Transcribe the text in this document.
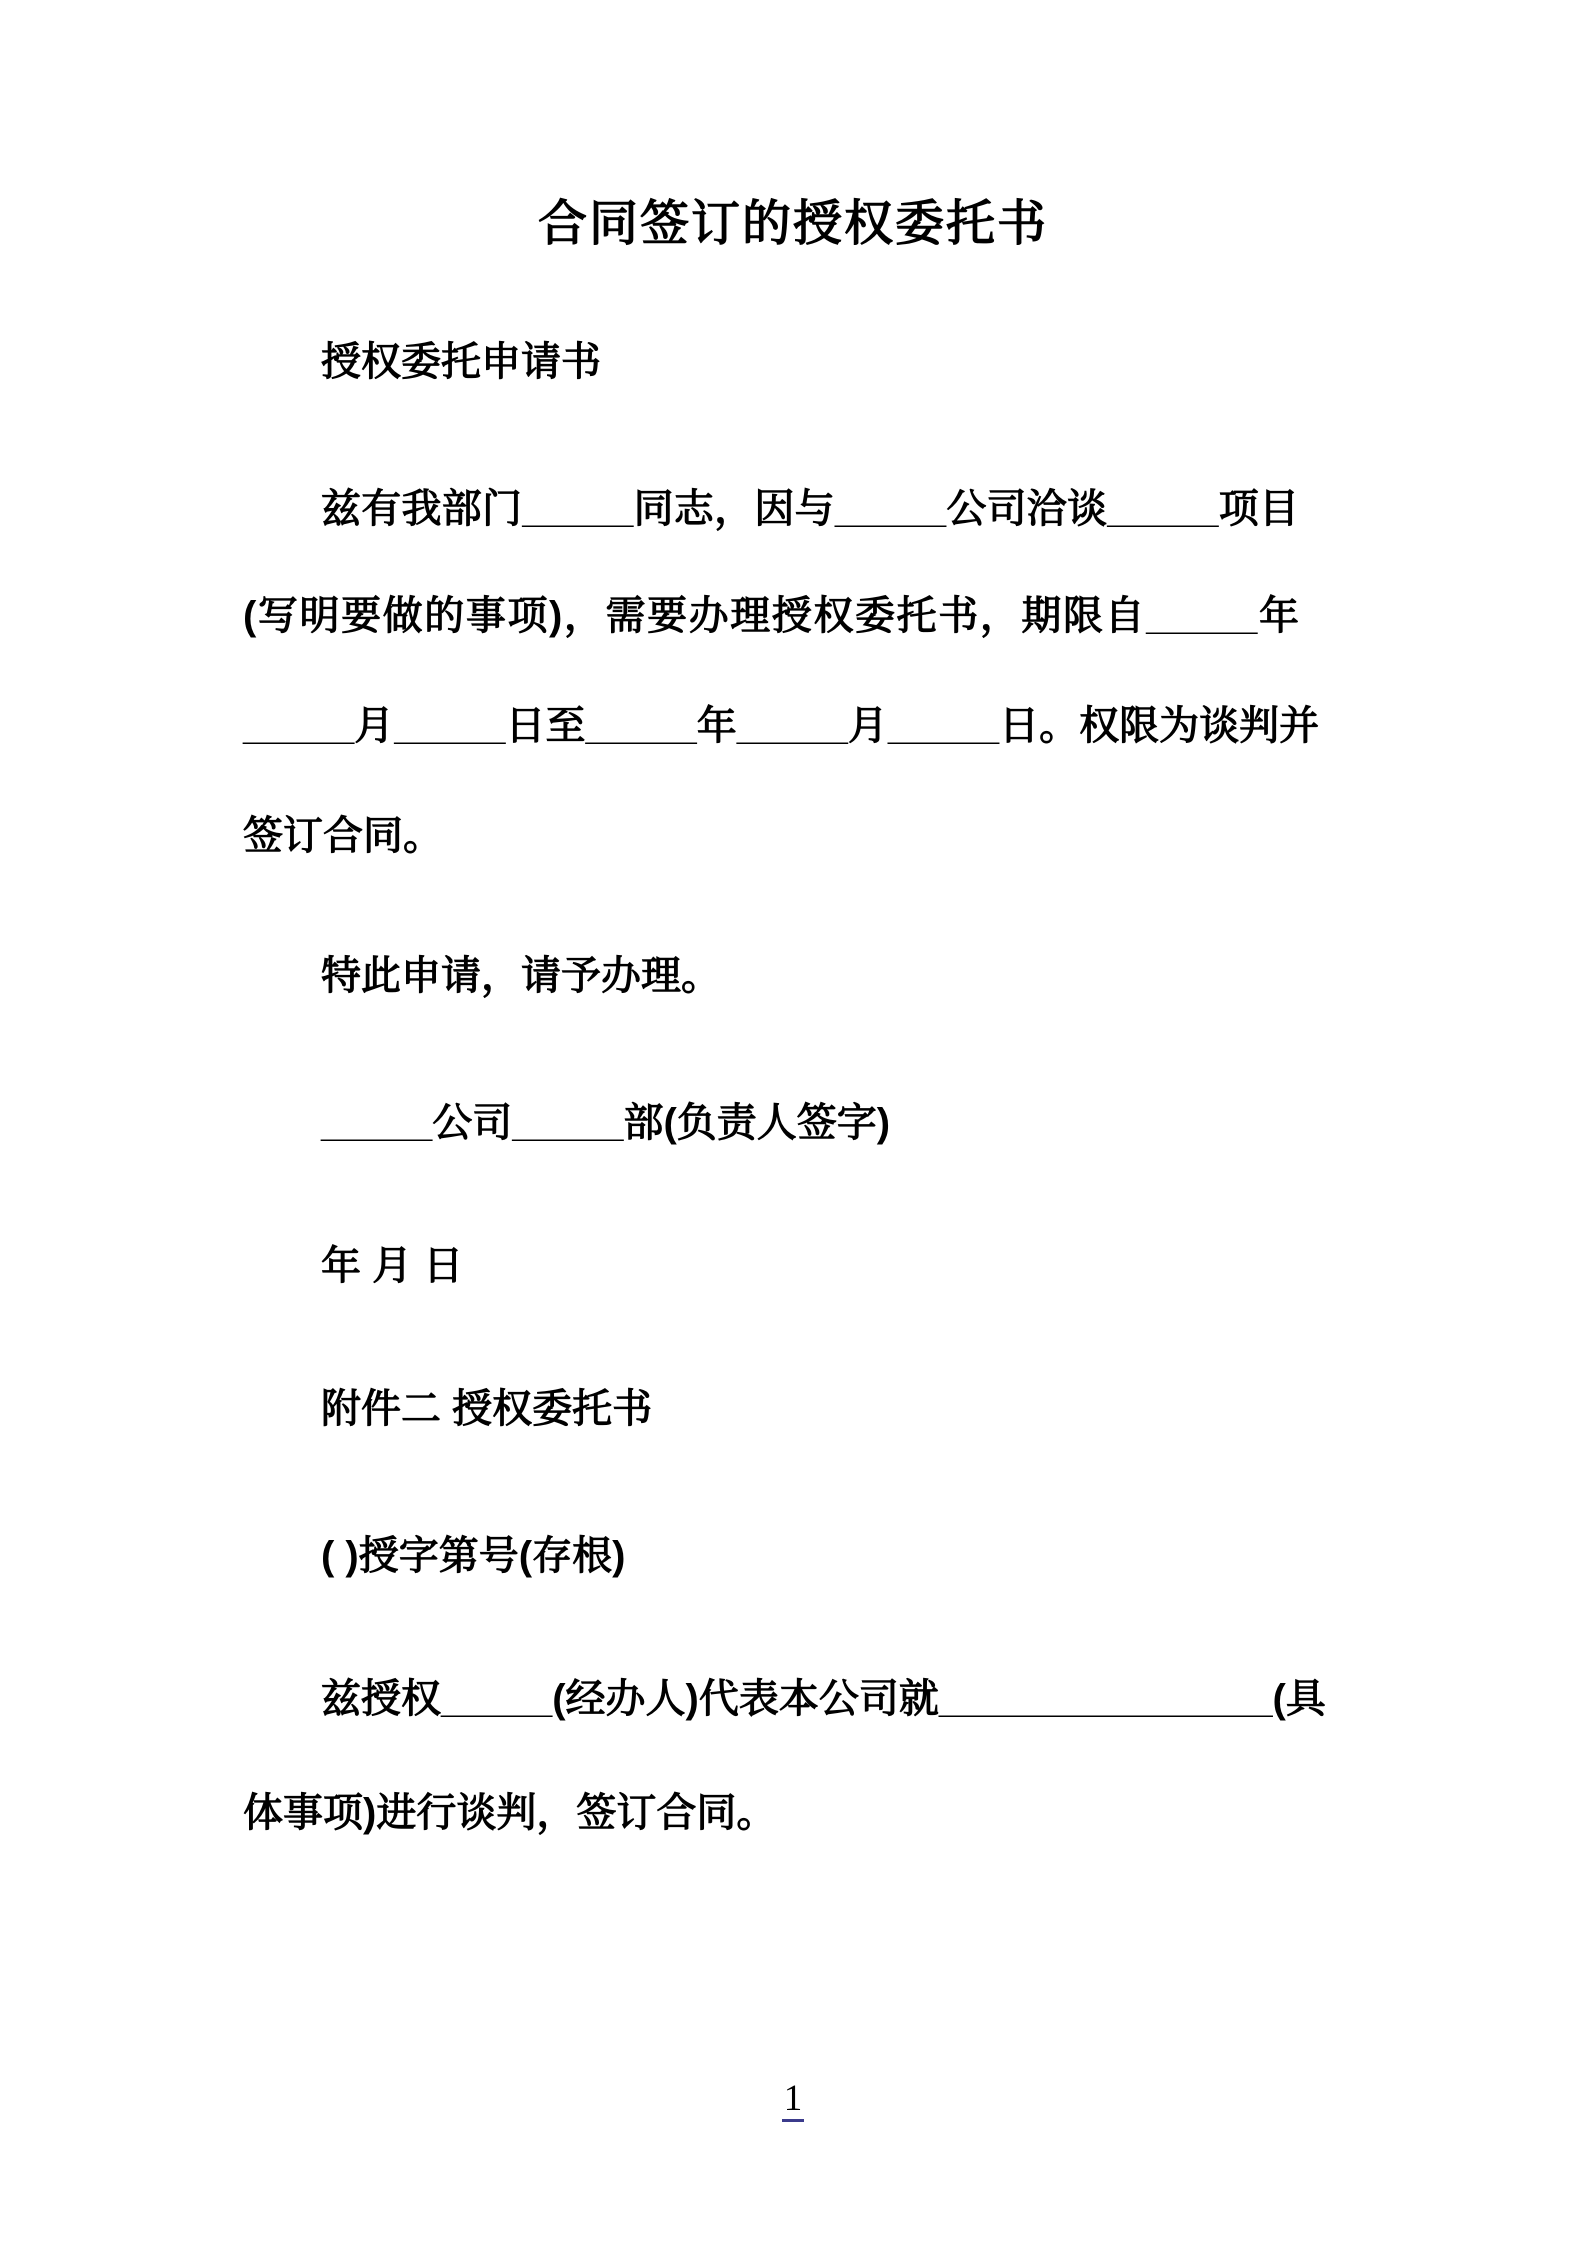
合同签订的授权委托书
授权委托申请书
兹有我部门_____同志，因与_____公司洽谈_____项目
(写明要做的事项)，需要办理授权委托书，期限自_____年
_____月_____日至_____年_____月_____日。权限为谈判并
签订合同。
特此申请，请予办理。
_____公司_____部(负责人签字)
年 月 日
附件二 授权委托书
( )授字第号(存根)
兹授权_____(经办人)代表本公司就_______________(具
体事项)进行谈判，签订合同。
1
